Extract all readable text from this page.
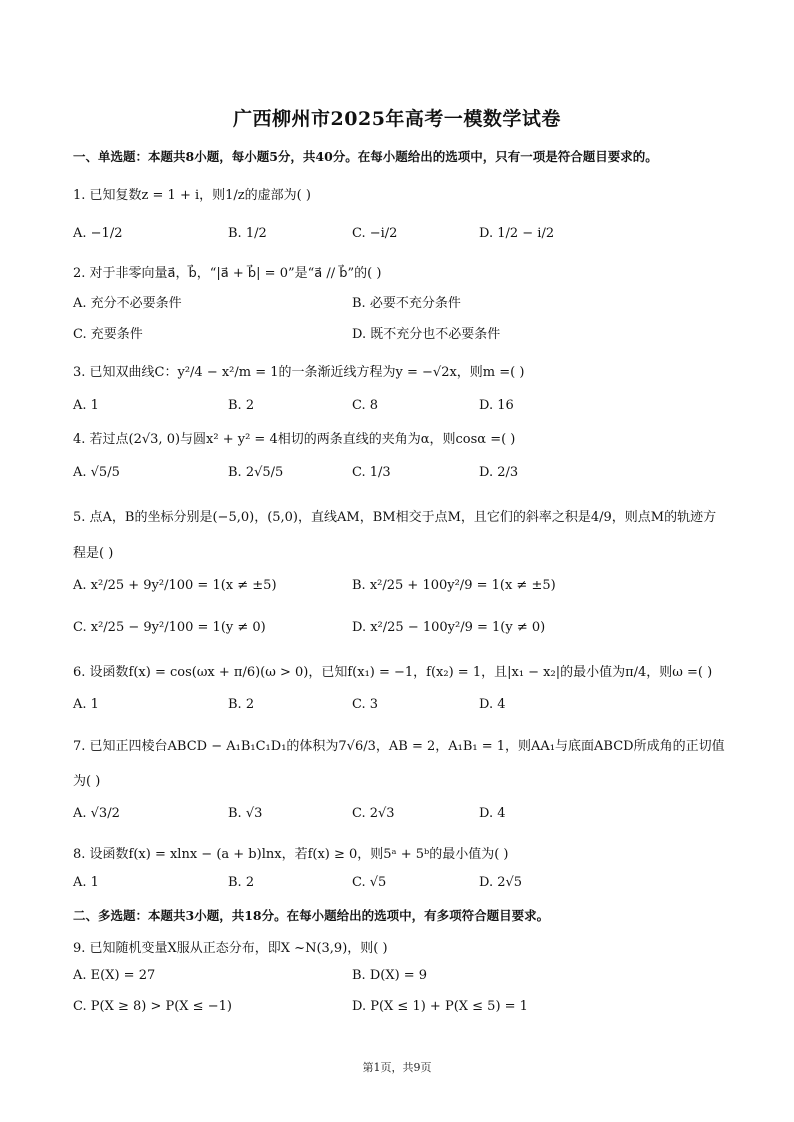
广西柳州市2025年高考一模数学试卷
一、单选题：本题共8小题，每小题5分，共40分。在每小题给出的选项中，只有一项是符合题目要求的。
1. 已知复数z = 1 + i，则1/z的虚部为( )
A. −1/2	B. 1/2	C. −i/2	D. 1/2 − i/2
2. 对于非零向量a⃗，b⃗，“|a⃗ + b⃗| = 0”是“a⃗ // b⃗”的( )
A. 充分不必要条件	B. 必要不充分条件
C. 充要条件	D. 既不充分也不必要条件
3. 已知双曲线C：y²/4 − x²/m = 1的一条渐近线方程为y = −√2x，则m =( )
A. 1	B. 2	C. 8	D. 16
4. 若过点(2√3, 0)与圆x² + y² = 4相切的两条直线的夹角为α，则cosα =( )
A. √5/5	B. 2√5/5	C. 1/3	D. 2/3
5. 点A，B的坐标分别是(−5,0)，(5,0)，直线AM，BM相交于点M，且它们的斜率之积是4/9，则点M的轨迹方
程是( )
A. x²/25 + 9y²/100 = 1(x ≠ ±5)	B. x²/25 + 100y²/9 = 1(x ≠ ±5)
C. x²/25 − 9y²/100 = 1(y ≠ 0)	D. x²/25 − 100y²/9 = 1(y ≠ 0)
6. 设函数f(x) = cos(ωx + π/6)(ω > 0)，已知f(x₁) = −1，f(x₂) = 1，且|x₁ − x₂|的最小值为π/4，则ω =( )
A. 1	B. 2	C. 3	D. 4
7. 已知正四棱台ABCD − A₁B₁C₁D₁的体积为7√6/3，AB = 2，A₁B₁ = 1，则AA₁与底面ABCD所成角的正切值
为( )
A. √3/2	B. √3	C. 2√3	D. 4
8. 设函数f(x) = xlnx − (a + b)lnx，若f(x) ≥ 0，则5ᵃ + 5ᵇ的最小值为( )
A. 1	B. 2	C. √5	D. 2√5
二、多选题：本题共3小题，共18分。在每小题给出的选项中，有多项符合题目要求。
9. 已知随机变量X服从正态分布，即X ~N(3,9)，则( )
A. E(X) = 27	B. D(X) = 9
C. P(X ≥ 8) > P(X ≤ −1)	D. P(X ≤ 1) + P(X ≤ 5) = 1
第1页，共9页
